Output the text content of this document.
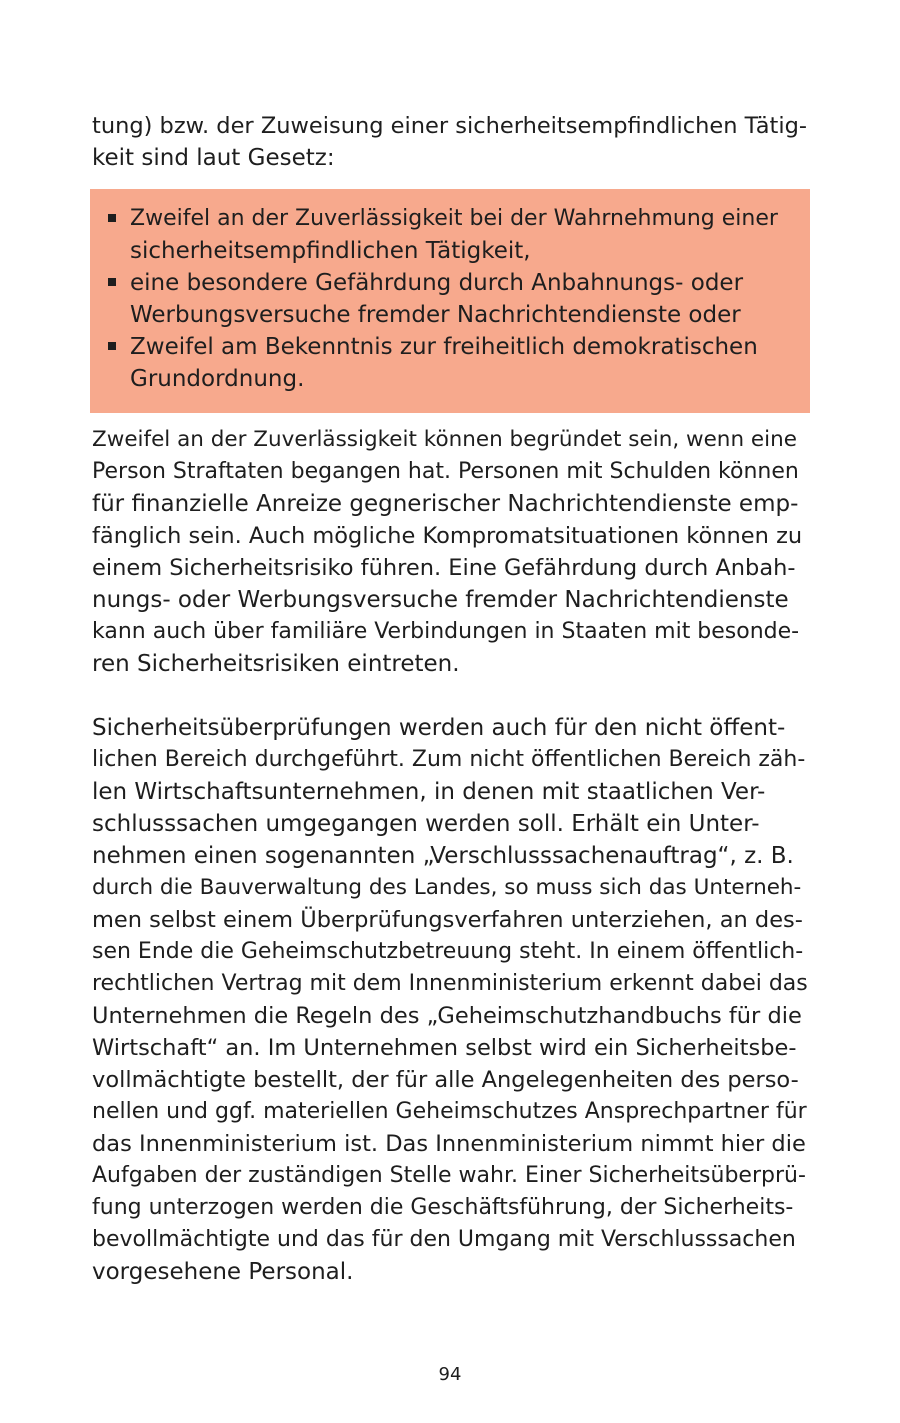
tung) bzw. der Zuweisung einer sicherheitsempfindlichen Tätig-
keit sind laut Gesetz:

Zweifel an der Zuverlässigkeit bei der Wahrnehmung einer
sicherheitsempfindlichen Tätigkeit,
eine besondere Gefährdung durch Anbahnungs- oder
Werbungsversuche fremder Nachrichtendienste oder
Zweifel am Bekenntnis zur freiheitlich demokratischen
Grundordnung.

Zweifel an der Zuverlässigkeit können begründet sein, wenn eine
Person Straftaten begangen hat. Personen mit Schulden können
für finanzielle Anreize gegnerischer Nachrichtendienste emp-
fänglich sein. Auch mögliche Kompromatsituationen können zu
einem Sicherheitsrisiko führen. Eine Gefährdung durch Anbah-
nungs- oder Werbungsversuche fremder Nachrichtendienste
kann auch über familiäre Verbindungen in Staaten mit besonde-
ren Sicherheitsrisiken eintreten.

Sicherheitsüberprüfungen werden auch für den nicht öffent-
lichen Bereich durchgeführt. Zum nicht öffentlichen Bereich zäh-
len Wirtschaftsunternehmen, in denen mit staatlichen Ver-
schlusssachen umgegangen werden soll. Erhält ein Unter-
nehmen einen sogenannten „Verschlusssachenauftrag“, z. B.
durch die Bauverwaltung des Landes, so muss sich das Unterneh-
men selbst einem Überprüfungsverfahren unterziehen, an des-
sen Ende die Geheimschutzbetreuung steht. In einem öffentlich-
rechtlichen Vertrag mit dem Innenministerium erkennt dabei das
Unternehmen die Regeln des „Geheimschutzhandbuchs für die
Wirtschaft“ an. Im Unternehmen selbst wird ein Sicherheitsbe-
vollmächtigte bestellt, der für alle Angelegenheiten des perso-
nellen und ggf. materiellen Geheimschutzes Ansprechpartner für
das Innenministerium ist. Das Innenministerium nimmt hier die
Aufgaben der zuständigen Stelle wahr. Einer Sicherheitsüberprü-
fung unterzogen werden die Geschäftsführung, der Sicherheits-
bevollmächtigte und das für den Umgang mit Verschlusssachen
vorgesehene Personal.

94
